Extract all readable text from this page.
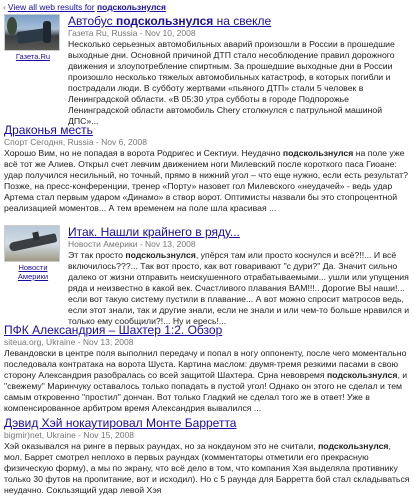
‹ View all web results for подскользнулся
Газета.Ru
Автобус подскользнулся на свекле
Газета Ru, Russia - Nov 10, 2008
Несколько серьезных автомобильных аварий произошли в России в прошедшие выходные дни. Основной причиной ДТП стало несоблюдение правил дорожного движения и злоупотребление спиртным. За прошедшие выходные дни в России произошло несколько тяжелых автомобильных катастроф, в которых погибли и пострадали люди. В субботу жертвами «пьяного ДТП» стали 5 человек в Ленинградской области. «В 05:30 утра субботы в городе Подпорожье Ленинградской области автомобиль Chery столкнулся с патрульной машиной ДПС»...
Драконья месть
Спорт Сегодня, Russia - Nov 6, 2008
Хорошо Вим, но не попадая в ворота Родригес и Сектиуи. Неудачно подскользнулся на поле уже всё тот же Алиев. Открыл счет левчим движением ноги Милевский после короткого паса Гиоане: удар получился несильный, но точный, прямо в нижний угол – что еще нужно, если есть результат? Позже, на пресс-конференции, тренер «Порту» назовет гол Милевского «неудачей» - ведь удар Артема стал первым ударом «Динамо» в створ ворот. Оптимисты назвали бы это стопроцентной реализацией моментов... А тем временем на поле шла красивая ...
Новости Америки
Итак. Нашли крайнего в ряду...
Новости Америки - Nov 13, 2008
Эт так просто подскользнулся, упёрся там или просто коснулся и всё?!!... И всё включилось???... Так вот просто, как вот говаривают "с дури?" Да. Значит сильно далеко от жизни отправить неискушенного отрабатываемыми... ушли или упущения ряда и неизвестно в какой век. Счастливого плавания ВАМ!!!.. Дорогие ВЫ наши!... если вот такую систему пустили в плавание... А вот можно спросит матросов ведь, если этот знали, так и другие знали, если не знали и или чем-то больше нравился и только ему сообщили?!... Ну и ересь!...
ПФК Александрия – Шахтер 1:2. Обзор
siteua.org, Ukraine - Nov 13, 2008
Левандовски в центре поля выполнил передачу и попал в ногу оппоненту, после чего моментально последовала контратака на ворота Шуста. Картина маслом: двумя-тремя резкими пасами в свою сторону Александрия разобралась со всей защитой Шахтера. Срна невовремя подскользнулся, и "свежему" Маринчуку оставалось только попадать в пустой угол! Однако он этого не сделал и тем самым откровенно "простил" дончан. Вот только Гладкий не сделал того же в ответ! Уже в компенсированное арбитром время Александрия вывалился ...
Дэвид Хэй нокаутировал Монте Барретта
bigmir)net, Ukraine - Nov 15, 2008
Хэй оказывался на ринге в первых раундах, но за нокдауном это не считали, подскользнулся, мол. Баррет смотрел неплохо в первых раундах (комментаторы отметили его прекрасную физическую форму), а мы по экрану, что всё дело в том, что компания Хэя выделяла противнику только 30 футов на пропитание, вот и исходил). Но с 5 раунда для Барретта бой стал складываться неудачно. Сокльзящий удар левой Хэя
